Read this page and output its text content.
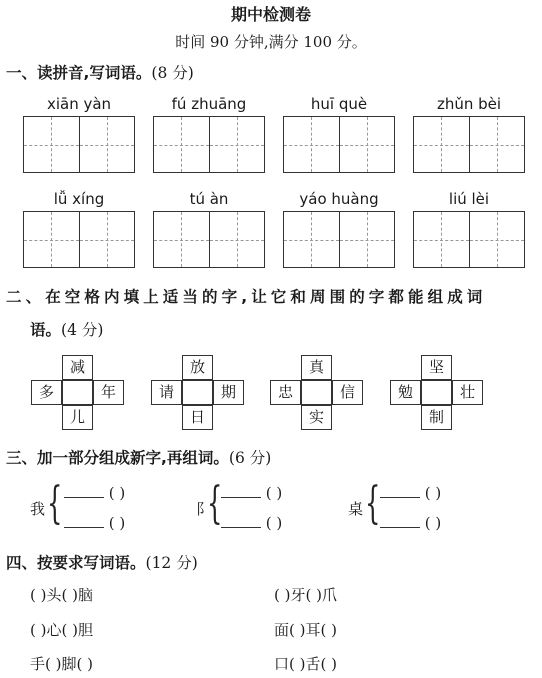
期中检测卷
时间 90 分钟,满分 100 分。
一、读拼音,写词语。(8 分)
xiān yàn	fú zhuāng	huī què	zhǔn bèi
lǚ xíng	tú àn	yáo huàng	liú lèi
二、在空格内填上适当的字,让它和周围的字都能组成词
语。(4 分)
减
多	年
儿
放
请	期
日
真
忠	信
实
坚
勉	壮
制
三、加一部分组成新字,再组词。(6 分)
我 {	( )
( )
阝
{	( )
( )
桌 {	( )
( )
四、按要求写词语。(12 分)
( )头( )脑	( )牙( )爪
( )心( )胆	面( )耳( )
手( )脚( )	口( )舌( )
